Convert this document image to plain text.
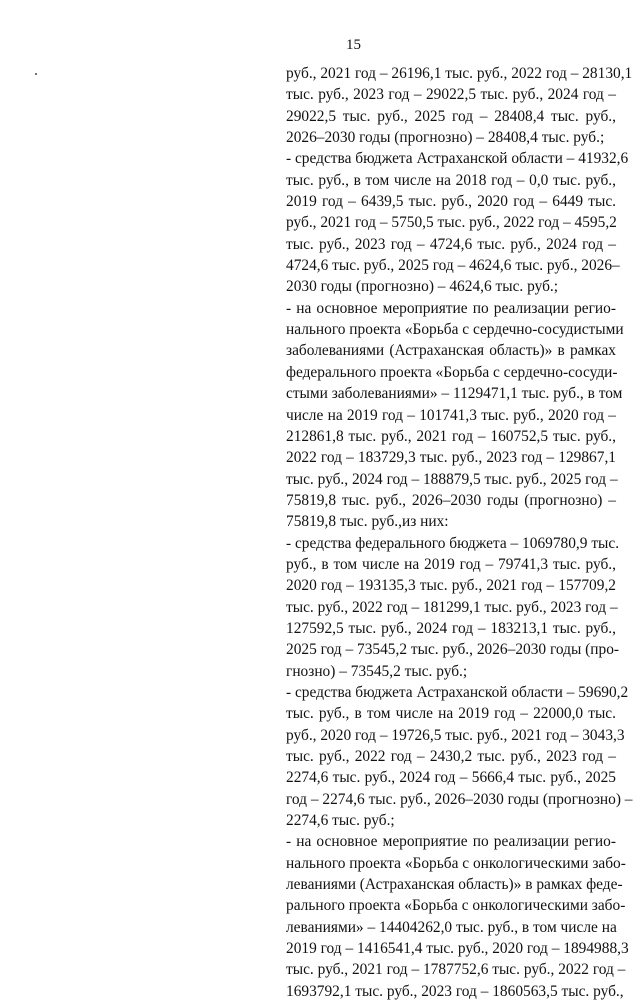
15
руб., 2021 год – 26196,1 тыс. руб., 2022 год – 28130,1
тыс. руб., 2023 год – 29022,5 тыс. руб., 2024 год –
29022,5 тыс. руб., 2025 год – 28408,4 тыс. руб.,
2026–2030 годы (прогнозно) – 28408,4 тыс. руб.;
- средства бюджета Астраханской области – 41932,6
тыс. руб., в том числе на 2018 год – 0,0 тыс. руб.,
2019 год – 6439,5 тыс. руб., 2020 год – 6449 тыс.
руб., 2021 год – 5750,5 тыс. руб., 2022 год – 4595,2
тыс. руб., 2023 год – 4724,6 тыс. руб., 2024 год –
4724,6 тыс. руб., 2025 год – 4624,6 тыс. руб., 2026–
2030 годы (прогнозно) – 4624,6 тыс. руб.;
- на основное мероприятие по реализации регио-
нального проекта «Борьба с сердечно-сосудистыми
заболеваниями (Астраханская область)» в рамках
федерального проекта «Борьба с сердечно-сосуди-
стыми заболеваниями» – 1129471,1 тыс. руб., в том
числе на 2019 год – 101741,3 тыс. руб., 2020 год –
212861,8 тыс. руб., 2021 год – 160752,5 тыс. руб.,
2022 год – 183729,3 тыс. руб., 2023 год – 129867,1
тыс. руб., 2024 год – 188879,5 тыс. руб., 2025 год –
75819,8 тыс. руб., 2026–2030 годы (прогнозно) –
75819,8 тыс. руб.,из них:
- средства федерального бюджета – 1069780,9 тыс.
руб., в том числе на 2019 год – 79741,3 тыс. руб.,
2020 год – 193135,3 тыс. руб., 2021 год – 157709,2
тыс. руб., 2022 год – 181299,1 тыс. руб., 2023 год –
127592,5 тыс. руб., 2024 год – 183213,1 тыс. руб.,
2025 год – 73545,2 тыс. руб., 2026–2030 годы (про-
гнозно) – 73545,2 тыс. руб.;
- средства бюджета Астраханской области – 59690,2
тыс. руб., в том числе на 2019 год – 22000,0 тыс.
руб., 2020 год – 19726,5 тыс. руб., 2021 год – 3043,3
тыс. руб., 2022 год – 2430,2 тыс. руб., 2023 год –
2274,6 тыс. руб., 2024 год – 5666,4 тыс. руб., 2025
год – 2274,6 тыс. руб., 2026–2030 годы (прогнозно) –
2274,6 тыс. руб.;
- на основное мероприятие по реализации регио-
нального проекта «Борьба с онкологическими забо-
леваниями (Астраханская область)» в рамках феде-
рального проекта «Борьба с онкологическими забо-
леваниями» – 14404262,0 тыс. руб., в том числе на
2019 год – 1416541,4 тыс. руб., 2020 год – 1894988,3
тыс. руб., 2021 год – 1787752,6 тыс. руб., 2022 год –
1693792,1 тыс. руб., 2023 год – 1860563,5 тыс. руб.,
